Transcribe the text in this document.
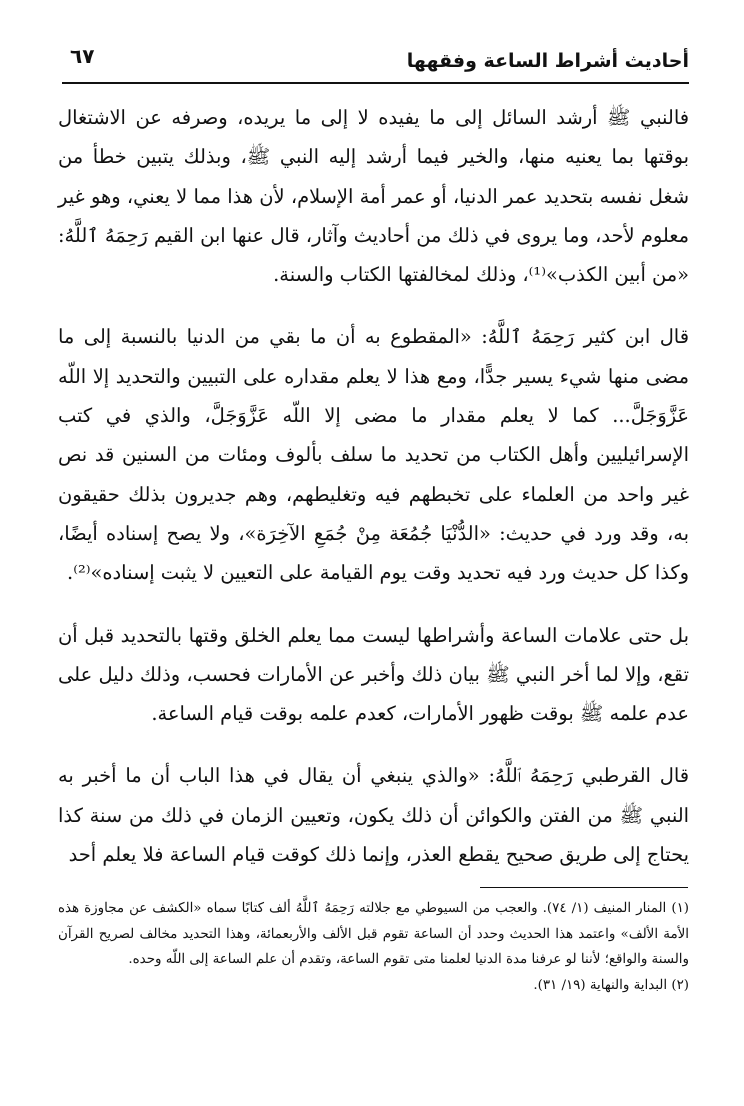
أحاديث أشراط الساعة وفقهها
٦٧

فالنبي ﷺ أرشد السائل إلى ما يفيده لا إلى ما يريده، وصرفه عن الاشتغال بوقتها بما يعنيه منها، والخير فيما أرشد إليه النبي ﷺ، وبذلك يتبين خطأ من شغل نفسه بتحديد عمر الدنيا، أو عمر أمة الإسلام، لأن هذا مما لا يعني، وهو غير معلوم لأحد، وما يروى في ذلك من أحاديث وآثار، قال عنها ابن القيم رَحِمَهُ ٱللَّهُ: «من أبين الكذب»⁽¹⁾، وذلك لمخالفتها الكتاب والسنة.

قال ابن كثير رَحِمَهُ ٱللَّهُ: «المقطوع به أن ما بقي من الدنيا بالنسبة إلى ما مضى منها شيء يسير جدًّا، ومع هذا لا يعلم مقداره على التبيين والتحديد إلا اللّه عَزَّوَجَلَّ... كما لا يعلم مقدار ما مضى إلا اللّه عَزَّوَجَلَّ، والذي في كتب الإسرائيليين وأهل الكتاب من تحديد ما سلف بألوف ومئات من السنين قد نص غير واحد من العلماء على تخبطهم فيه وتغليطهم، وهم جديرون بذلك حقيقون به، وقد ورد في حديث: «الدُّنْيَا جُمُعَة مِنْ جُمَعِ الآخِرَة»، ولا يصح إسناده أيضًا، وكذا كل حديث ورد فيه تحديد وقت يوم القيامة على التعيين لا يثبت إسناده»⁽²⁾.

بل حتى علامات الساعة وأشراطها ليست مما يعلم الخلق وقتها بالتحديد قبل أن تقع، وإلا لما أخر النبي ﷺ بيان ذلك وأخبر عن الأمارات فحسب، وذلك دليل على عدم علمه ﷺ بوقت ظهور الأمارات، كعدم علمه بوقت قيام الساعة.

قال القرطبي رَحِمَهُ ٱللَّهُ: «والذي ينبغي أن يقال في هذا الباب أن ما أخبر به النبي ﷺ من الفتن والكوائن أن ذلك يكون، وتعيين الزمان في ذلك من سنة كذا يحتاج إلى طريق صحيح يقطع العذر، وإنما ذلك كوقت قيام الساعة فلا يعلم أحد

(١) المنار المنيف (١/ ٧٤). والعجب من السيوطي مع جلالته رَحِمَهُ ٱللَّهُ ألف كتابًا سماه «الكشف عن مجاوزة هذه الأمة الألف» واعتمد هذا الحديث وحدد أن الساعة تقوم قبل الألف والأربعمائة، وهذا التحديد مخالف لصريح القرآن والسنة والواقع؛ لأننا لو عرفنا مدة الدنيا لعلمنا متى تقوم الساعة، وتقدم أن علم الساعة إلى اللّه وحده.

(٢) البداية والنهاية (١٩/ ٣١).
